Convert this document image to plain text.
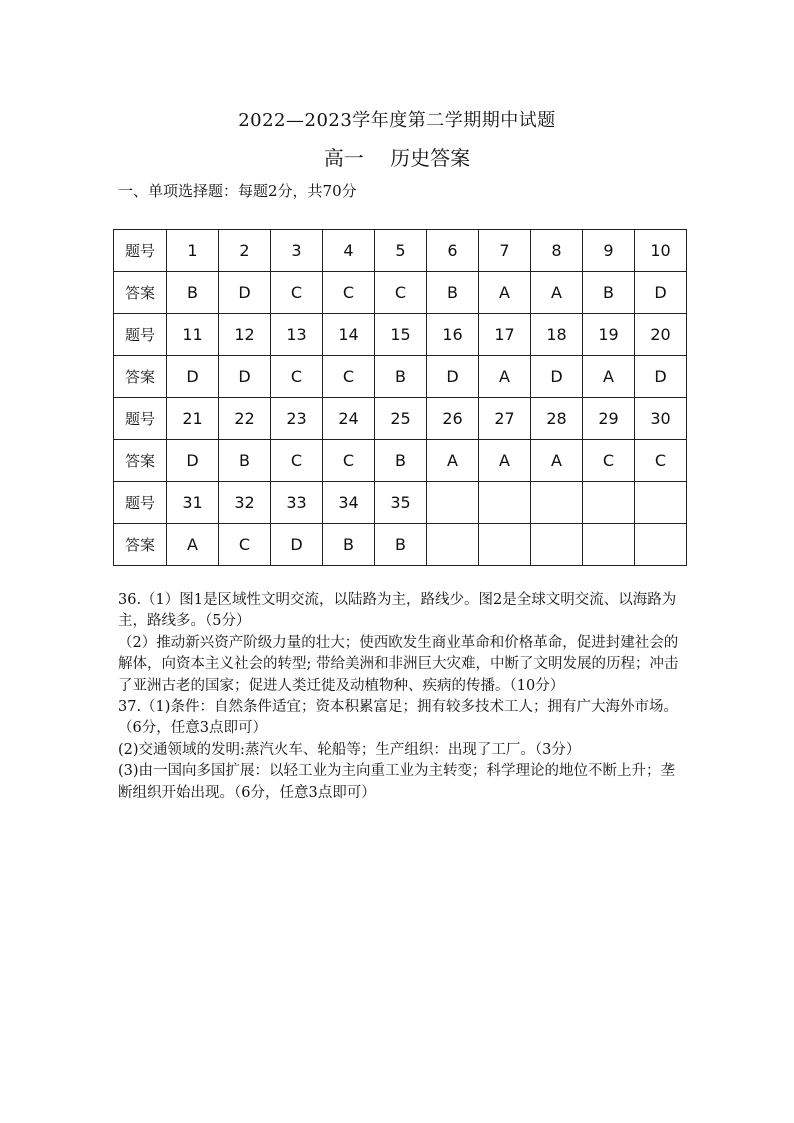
2022—2023学年度第二学期期中试题
高一 历史答案
一、单项选择题：每题2分，共70分
题号	1	2	3	4	5	6	7	8	9	10
答案	B	D	C	C	C	B	A	A	B	D
题号	11	12	13	14	15	16	17	18	19	20
答案	D	D	C	C	B	D	A	D	A	D
题号	21	22	23	24	25	26	27	28	29	30
答案	D	B	C	C	B	A	A	A	C	C
题号	31	32	33	34	35					
答案	A	C	D	B	B					

36.（1）图1是区域性文明交流，以陆路为主，路线少。图2是全球文明交流、以海路为主，路线多。（5分）

（2）推动新兴资产阶级力量的壮大；使西欧发生商业革命和价格革命，促进封建社会的解体，向资本主义社会的转型; 带给美洲和非洲巨大灾难，中断了文明发展的历程；冲击了亚洲古老的国家；促进人类迁徙及动植物种、疾病的传播。（10分）

37.（1)条件：自然条件适宜；资本积累富足；拥有较多技术工人；拥有广大海外市场。（6分，任意3点即可）

(2)交通领域的发明:蒸汽火车、轮船等；生产组织：出现了工厂。（3分）

(3)由一国向多国扩展：以轻工业为主向重工业为主转变；科学理论的地位不断上升；垄断组织开始出现。（6分，任意3点即可）
